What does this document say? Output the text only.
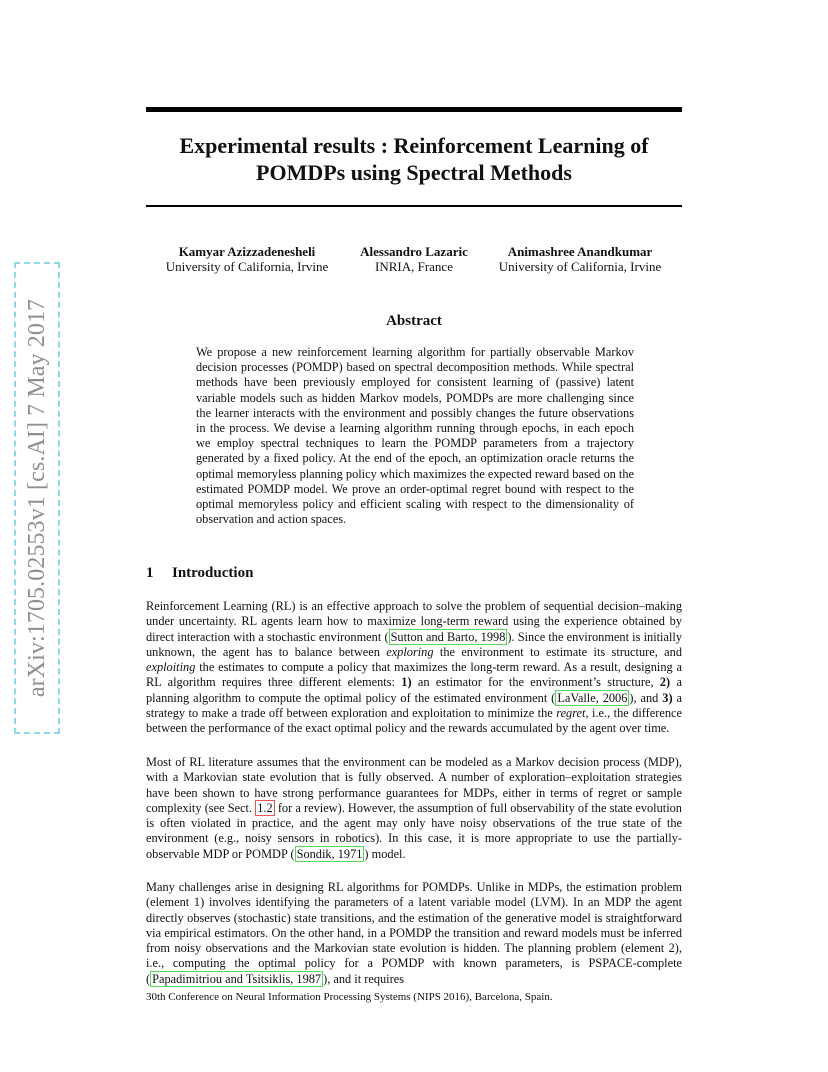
arXiv:1705.02553v1 [cs.AI] 7 May 2017
Experimental results : Reinforcement Learning of
POMDPs using Spectral Methods
Kamyar Azizzadenesheli
University of California, Irvine
Alessandro Lazaric
INRIA, France
Animashree Anandkumar
University of California, Irvine
Abstract

We propose a new reinforcement learning algorithm for partially observable Markov decision processes (POMDP) based on spectral decomposition methods. While spectral methods have been previously employed for consistent learning of (passive) latent variable models such as hidden Markov models, POMDPs are more challenging since the learner interacts with the environment and possibly changes the future observations in the process. We devise a learning algorithm running through epochs, in each epoch we employ spectral techniques to learn the POMDP parameters from a trajectory generated by a fixed policy. At the end of the epoch, an optimization oracle returns the optimal memoryless planning policy which maximizes the expected reward based on the estimated POMDP model. We prove an order-optimal regret bound with respect to the optimal memoryless policy and efficient scaling with respect to the dimensionality of observation and action spaces.

1 Introduction

Reinforcement Learning (RL) is an effective approach to solve the problem of sequential decision–making under uncertainty. RL agents learn how to maximize long-term reward using the experience obtained by direct interaction with a stochastic environment ( Sutton and Barto, 1998 ). Since the environment is initially unknown, the agent has to balance between exploring the environment to estimate its structure, and exploiting the estimates to compute a policy that maximizes the long-term reward. As a result, designing a RL algorithm requires three different elements: 1) an estimator for the environment’s structure, 2) a planning algorithm to compute the optimal policy of the estimated environment ( LaValle, 2006 ), and 3) a strategy to make a trade off between exploration and exploitation to minimize the regret, i.e., the difference between the performance of the exact optimal policy and the rewards accumulated by the agent over time.

Most of RL literature assumes that the environment can be modeled as a Markov decision process (MDP), with a Markovian state evolution that is fully observed. A number of exploration–exploitation strategies have been shown to have strong performance guarantees for MDPs, either in terms of regret or sample complexity (see Sect. 1.2 for a review). However, the assumption of full observability of the state evolution is often violated in practice, and the agent may only have noisy observations of the true state of the environment (e.g., noisy sensors in robotics). In this case, it is more appropriate to use the partially-observable MDP or POMDP ( Sondik, 1971 ) model.

Many challenges arise in designing RL algorithms for POMDPs. Unlike in MDPs, the estimation problem (element 1) involves identifying the parameters of a latent variable model (LVM). In an MDP the agent directly observes (stochastic) state transitions, and the estimation of the generative model is straightforward via empirical estimators. On the other hand, in a POMDP the transition and reward models must be inferred from noisy observations and the Markovian state evolution is hidden. The planning problem (element 2), i.e., computing the optimal policy for a POMDP with known parameters, is PSPACE-complete ( Papadimitriou and Tsitsiklis, 1987 ), and it requires

30th Conference on Neural Information Processing Systems (NIPS 2016), Barcelona, Spain.
